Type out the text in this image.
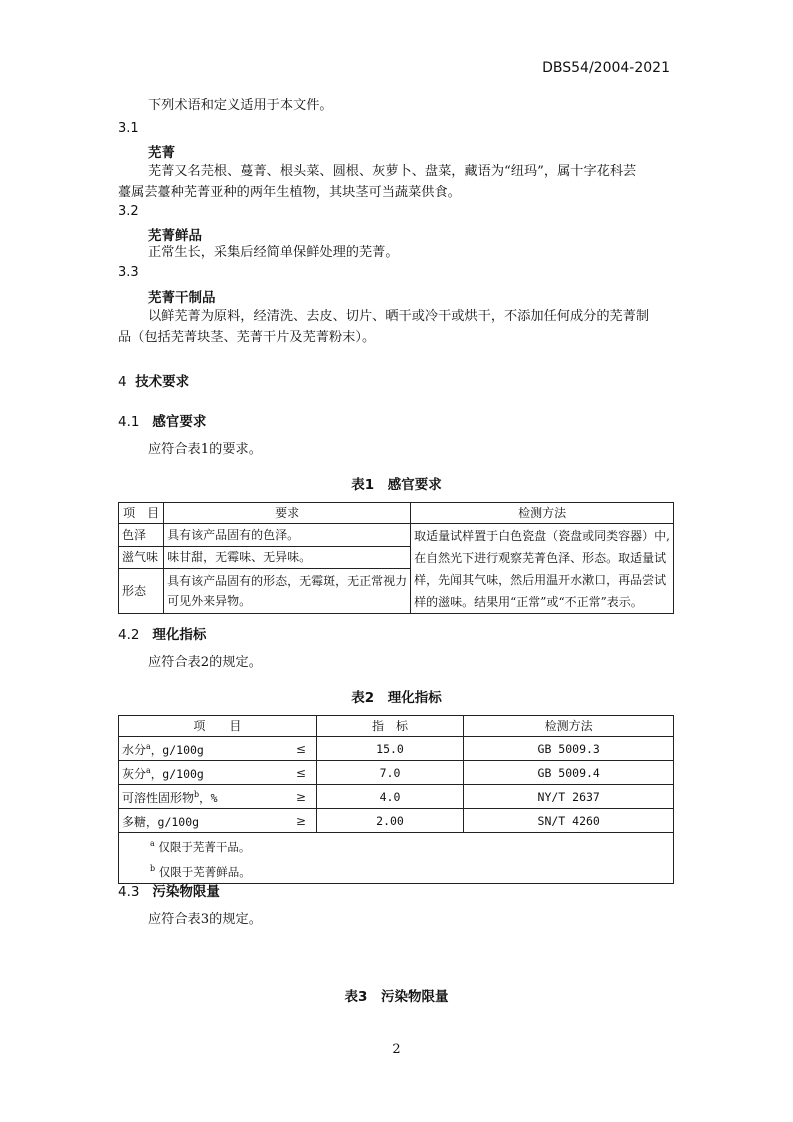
DBS54/2004-2021
下列术语和定义适用于本文件。
3.1
芜菁
芜菁又名芫根、蔓菁、根头菜、圆根、灰萝卜、盘菜，藏语为“纽玛”，属十字花科芸
薹属芸薹种芜菁亚种的两年生植物，其块茎可当蔬菜供食。
3.2
芜菁鲜品
正常生长，采集后经简单保鲜处理的芜菁。
3.3
芜菁干制品
以鲜芜菁为原料，经清洗、去皮、切片、晒干或冷干或烘干，不添加任何成分的芜菁制
品（包括芜菁块茎、芜菁干片及芜菁粉末）。
4 技术要求
4.1 感官要求
应符合表1的要求。
表1　感官要求
项　目	要求	检测方法
色泽	具有该产品固有的色泽。	取适量试样置于白色瓷盘（瓷盘或同类容器）中,
在自然光下进行观察芜菁色泽、形态。取适量试
样，先闻其气味，然后用温开水漱口，再品尝试
样的滋味。结果用“正常”或“不正常”表示。

滋气味	味甘甜，无霉味、无异味。	
形态	具有该产品固有的形态，无霉斑，无正常视力
可见外来异物。	
4.2 理化指标
应符合表2的规定。
表2　理化指标
项　　目		指　标	检测方法
水分$^a$，g/100g	≤	15.0	GB 5009.3
灰分$^a$，g/100g	≤	7.0	GB 5009.4
可溶性固形物$^b$，%	≥	4.0	NY/T 2637
多糖，g/100g	≥	2.00	SN/T 4260

$^a$ 仅限于芜菁干品。
$^b$ 仅限于芜菁鲜品。			
4.3 污染物限量
应符合表3的规定。
表3　污染物限量
2
